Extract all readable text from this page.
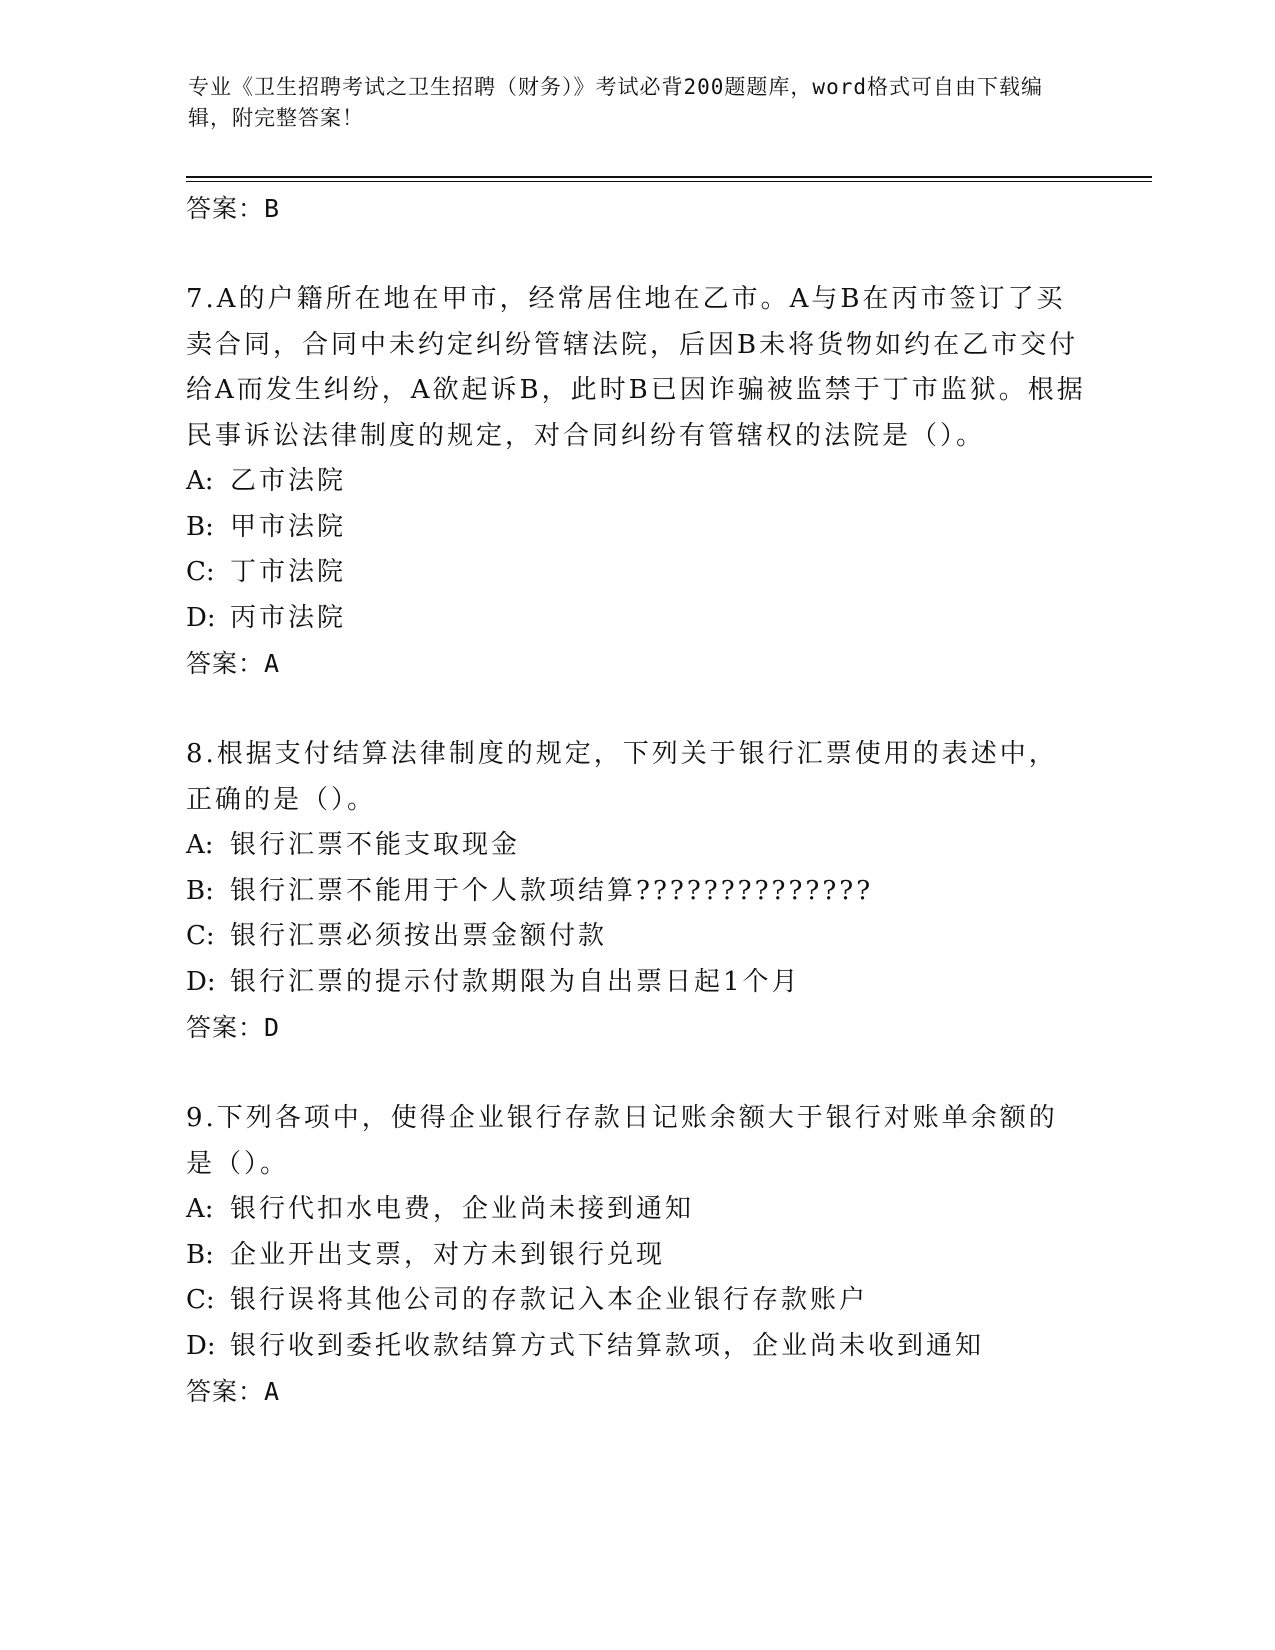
专业《卫生招聘考试之卫生招聘（财务）》考试必背200题题库，word格式可自由下载编辑，附完整答案！

答案：B

7.A的户籍所在地在甲市，经常居住地在乙市。A与B在丙市签订了买卖合同，合同中未约定纠纷管辖法院，后因B未将货物如约在乙市交付给A而发生纠纷，A欲起诉B，此时B已因诈骗被监禁于丁市监狱。根据民事诉讼法律制度的规定，对合同纠纷有管辖权的法院是（）。

A: 乙市法院

B: 甲市法院

C: 丁市法院

D: 丙市法院

答案：A

8.根据支付结算法律制度的规定，下列关于银行汇票使用的表述中，正确的是（）。

A: 银行汇票不能支取现金

B: 银行汇票不能用于个人款项结算??????????????

C: 银行汇票必须按出票金额付款

D: 银行汇票的提示付款期限为自出票日起1个月

答案：D

9.下列各项中，使得企业银行存款日记账余额大于银行对账单余额的是（）。

A: 银行代扣水电费，企业尚未接到通知

B: 企业开出支票，对方未到银行兑现

C: 银行误将其他公司的存款记入本企业银行存款账户

D: 银行收到委托收款结算方式下结算款项，企业尚未收到通知

答案：A
